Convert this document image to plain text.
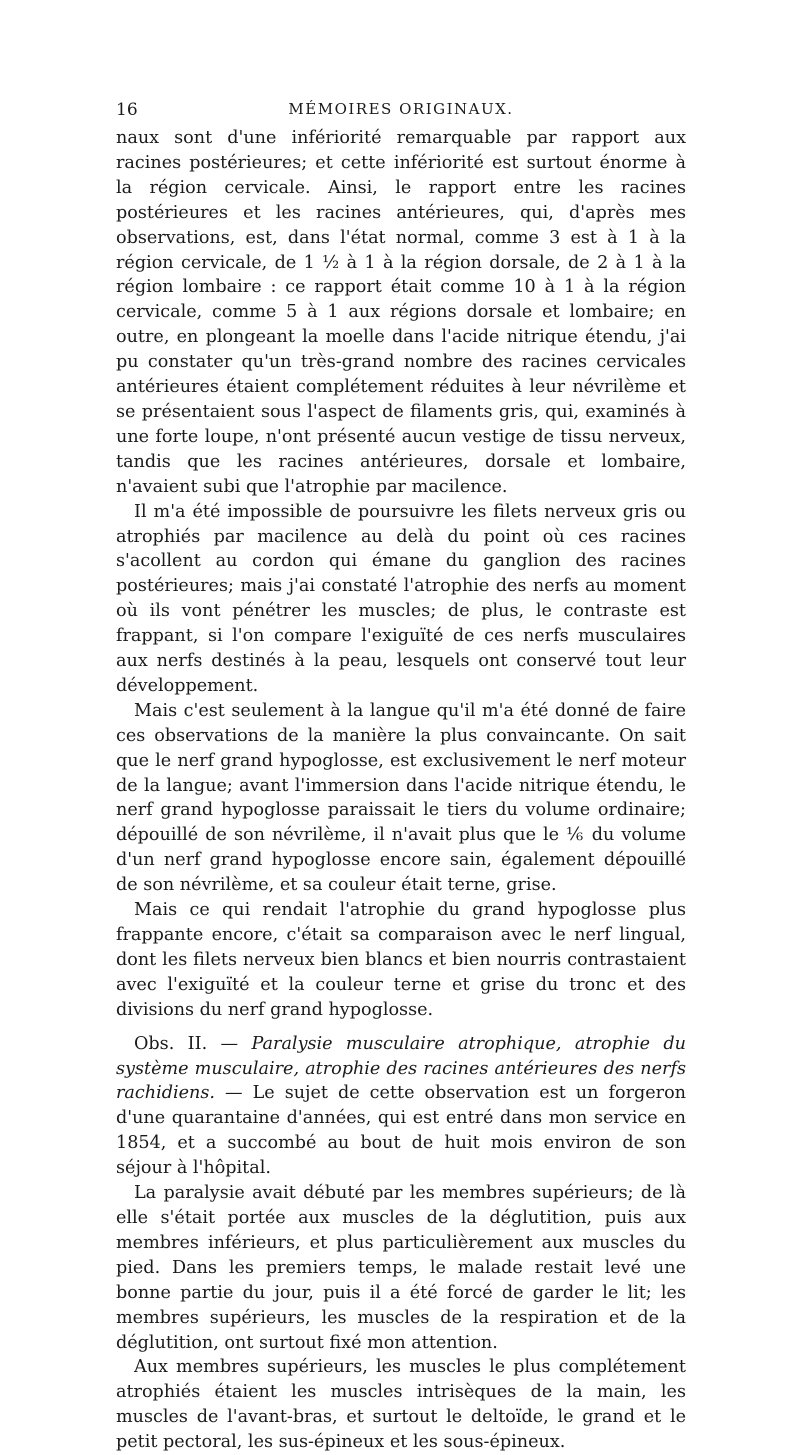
16	MÉMOIRES ORIGINAUX.

naux sont d'une infériorité remarquable par rapport aux racines postérieures; et cette infériorité est surtout énorme à la région cervicale. Ainsi, le rapport entre les racines postérieures et les racines antérieures, qui, d'après mes observations, est, dans l'état normal, comme 3 est à 1 à la région cervicale, de 1 ½ à 1 à la région dorsale, de 2 à 1 à la région lombaire : ce rapport était comme 10 à 1 à la région cervicale, comme 5 à 1 aux régions dorsale et lombaire; en outre, en plongeant la moelle dans l'acide nitrique étendu, j'ai pu constater qu'un très-grand nombre des racines cervicales antérieures étaient complétement réduites à leur névrilème et se présentaient sous l'aspect de filaments gris, qui, examinés à une forte loupe, n'ont présenté aucun vestige de tissu nerveux, tandis que les racines antérieures, dorsale et lombaire, n'avaient subi que l'atrophie par macilence.

Il m'a été impossible de poursuivre les filets nerveux gris ou atrophiés par macilence au delà du point où ces racines s'acollent au cordon qui émane du ganglion des racines postérieures; mais j'ai constaté l'atrophie des nerfs au moment où ils vont pénétrer les muscles; de plus, le contraste est frappant, si l'on compare l'exiguïté de ces nerfs musculaires aux nerfs destinés à la peau, lesquels ont conservé tout leur développement.

Mais c'est seulement à la langue qu'il m'a été donné de faire ces observations de la manière la plus convaincante. On sait que le nerf grand hypoglosse, est exclusivement le nerf moteur de la langue; avant l'immersion dans l'acide nitrique étendu, le nerf grand hypoglosse paraissait le tiers du volume ordinaire; dépouillé de son névrilème, il n'avait plus que le ⅙ du volume d'un nerf grand hypoglosse encore sain, également dépouillé de son névrilème, et sa couleur était terne, grise.

Mais ce qui rendait l'atrophie du grand hypoglosse plus frappante encore, c'était sa comparaison avec le nerf lingual, dont les filets nerveux bien blancs et bien nourris contrastaient avec l'exiguïté et la couleur terne et grise du tronc et des divisions du nerf grand hypoglosse.

Obs. II. — Paralysie musculaire atrophique, atrophie du système musculaire, atrophie des racines antérieures des nerfs rachidiens. — Le sujet de cette observation est un forgeron d'une quarantaine d'années, qui est entré dans mon service en 1854, et a succombé au bout de huit mois environ de son séjour à l'hôpital.

La paralysie avait débuté par les membres supérieurs; de là elle s'était portée aux muscles de la déglutition, puis aux membres inférieurs, et plus particulièrement aux muscles du pied. Dans les premiers temps, le malade restait levé une bonne partie du jour, puis il a été forcé de garder le lit; les membres supérieurs, les muscles de la respiration et de la déglutition, ont surtout fixé mon attention.

Aux membres supérieurs, les muscles le plus complétement atrophiés étaient les muscles intrisèques de la main, les muscles de l'avant-bras, et surtout le deltoïde, le grand et le petit pectoral, les sus-épineux et les sous-épineux.
